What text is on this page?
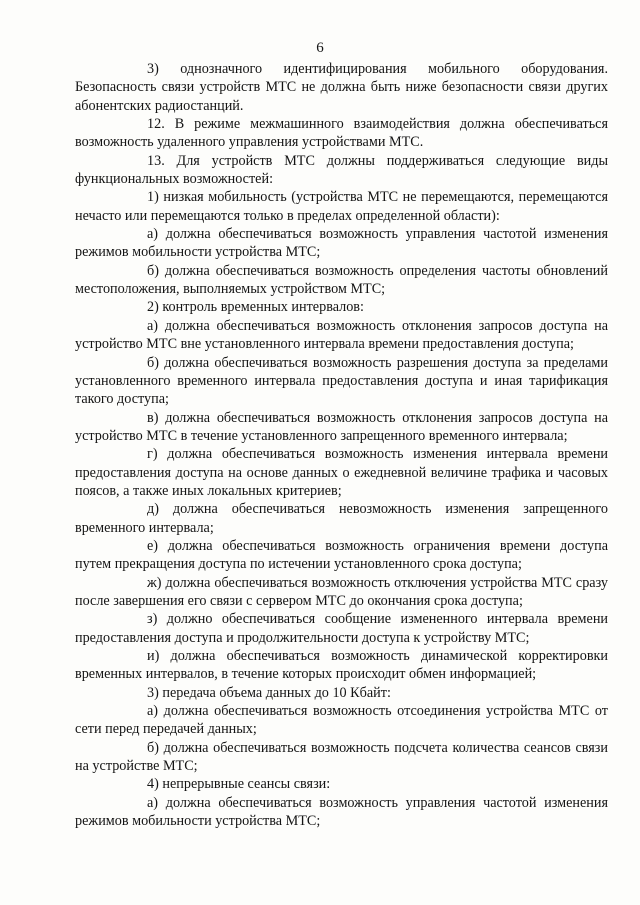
6

3) однозначного идентифицирования мобильного оборудования. Безопасность связи устройств МТС не должна быть ниже безопасности связи других абонентских радиостанций.

12. В режиме межмашинного взаимодействия должна обеспечиваться возможность удаленного управления устройствами МТС.

13. Для устройств МТС должны поддерживаться следующие виды функциональных возможностей:

1) низкая мобильность (устройства МТС не перемещаются, перемещаются нечасто или перемещаются только в пределах определенной области):

а) должна обеспечиваться возможность управления частотой изменения режимов мобильности устройства МТС;

б) должна обеспечиваться возможность определения частоты обновлений местоположения, выполняемых устройством МТС;

2) контроль временных интервалов:

а) должна обеспечиваться возможность отклонения запросов доступа на устройство МТС вне установленного интервала времени предоставления доступа;

б) должна обеспечиваться возможность разрешения доступа за пределами установленного временного интервала предоставления доступа и иная тарификация такого доступа;

в) должна обеспечиваться возможность отклонения запросов доступа на устройство МТС в течение установленного запрещенного временного интервала;

г) должна обеспечиваться возможность изменения интервала времени предоставления доступа на основе данных о ежедневной величине трафика и часовых поясов, а также иных локальных критериев;

д) должна обеспечиваться невозможность изменения запрещенного временного интервала;

е) должна обеспечиваться возможность ограничения времени доступа путем прекращения доступа по истечении установленного срока доступа;

ж) должна обеспечиваться возможность отключения устройства МТС сразу после завершения его связи с сервером МТС до окончания срока доступа;

з) должно обеспечиваться сообщение измененного интервала времени предоставления доступа и продолжительности доступа к устройству МТС;

и) должна обеспечиваться возможность динамической корректировки временных интервалов, в течение которых происходит обмен информацией;

3) передача объема данных до 10 Кбайт:

а) должна обеспечиваться возможность отсоединения устройства МТС от сети перед передачей данных;

б) должна обеспечиваться возможность подсчета количества сеансов связи на устройстве МТС;

4) непрерывные сеансы связи:

а) должна обеспечиваться возможность управления частотой изменения режимов мобильности устройства МТС;
